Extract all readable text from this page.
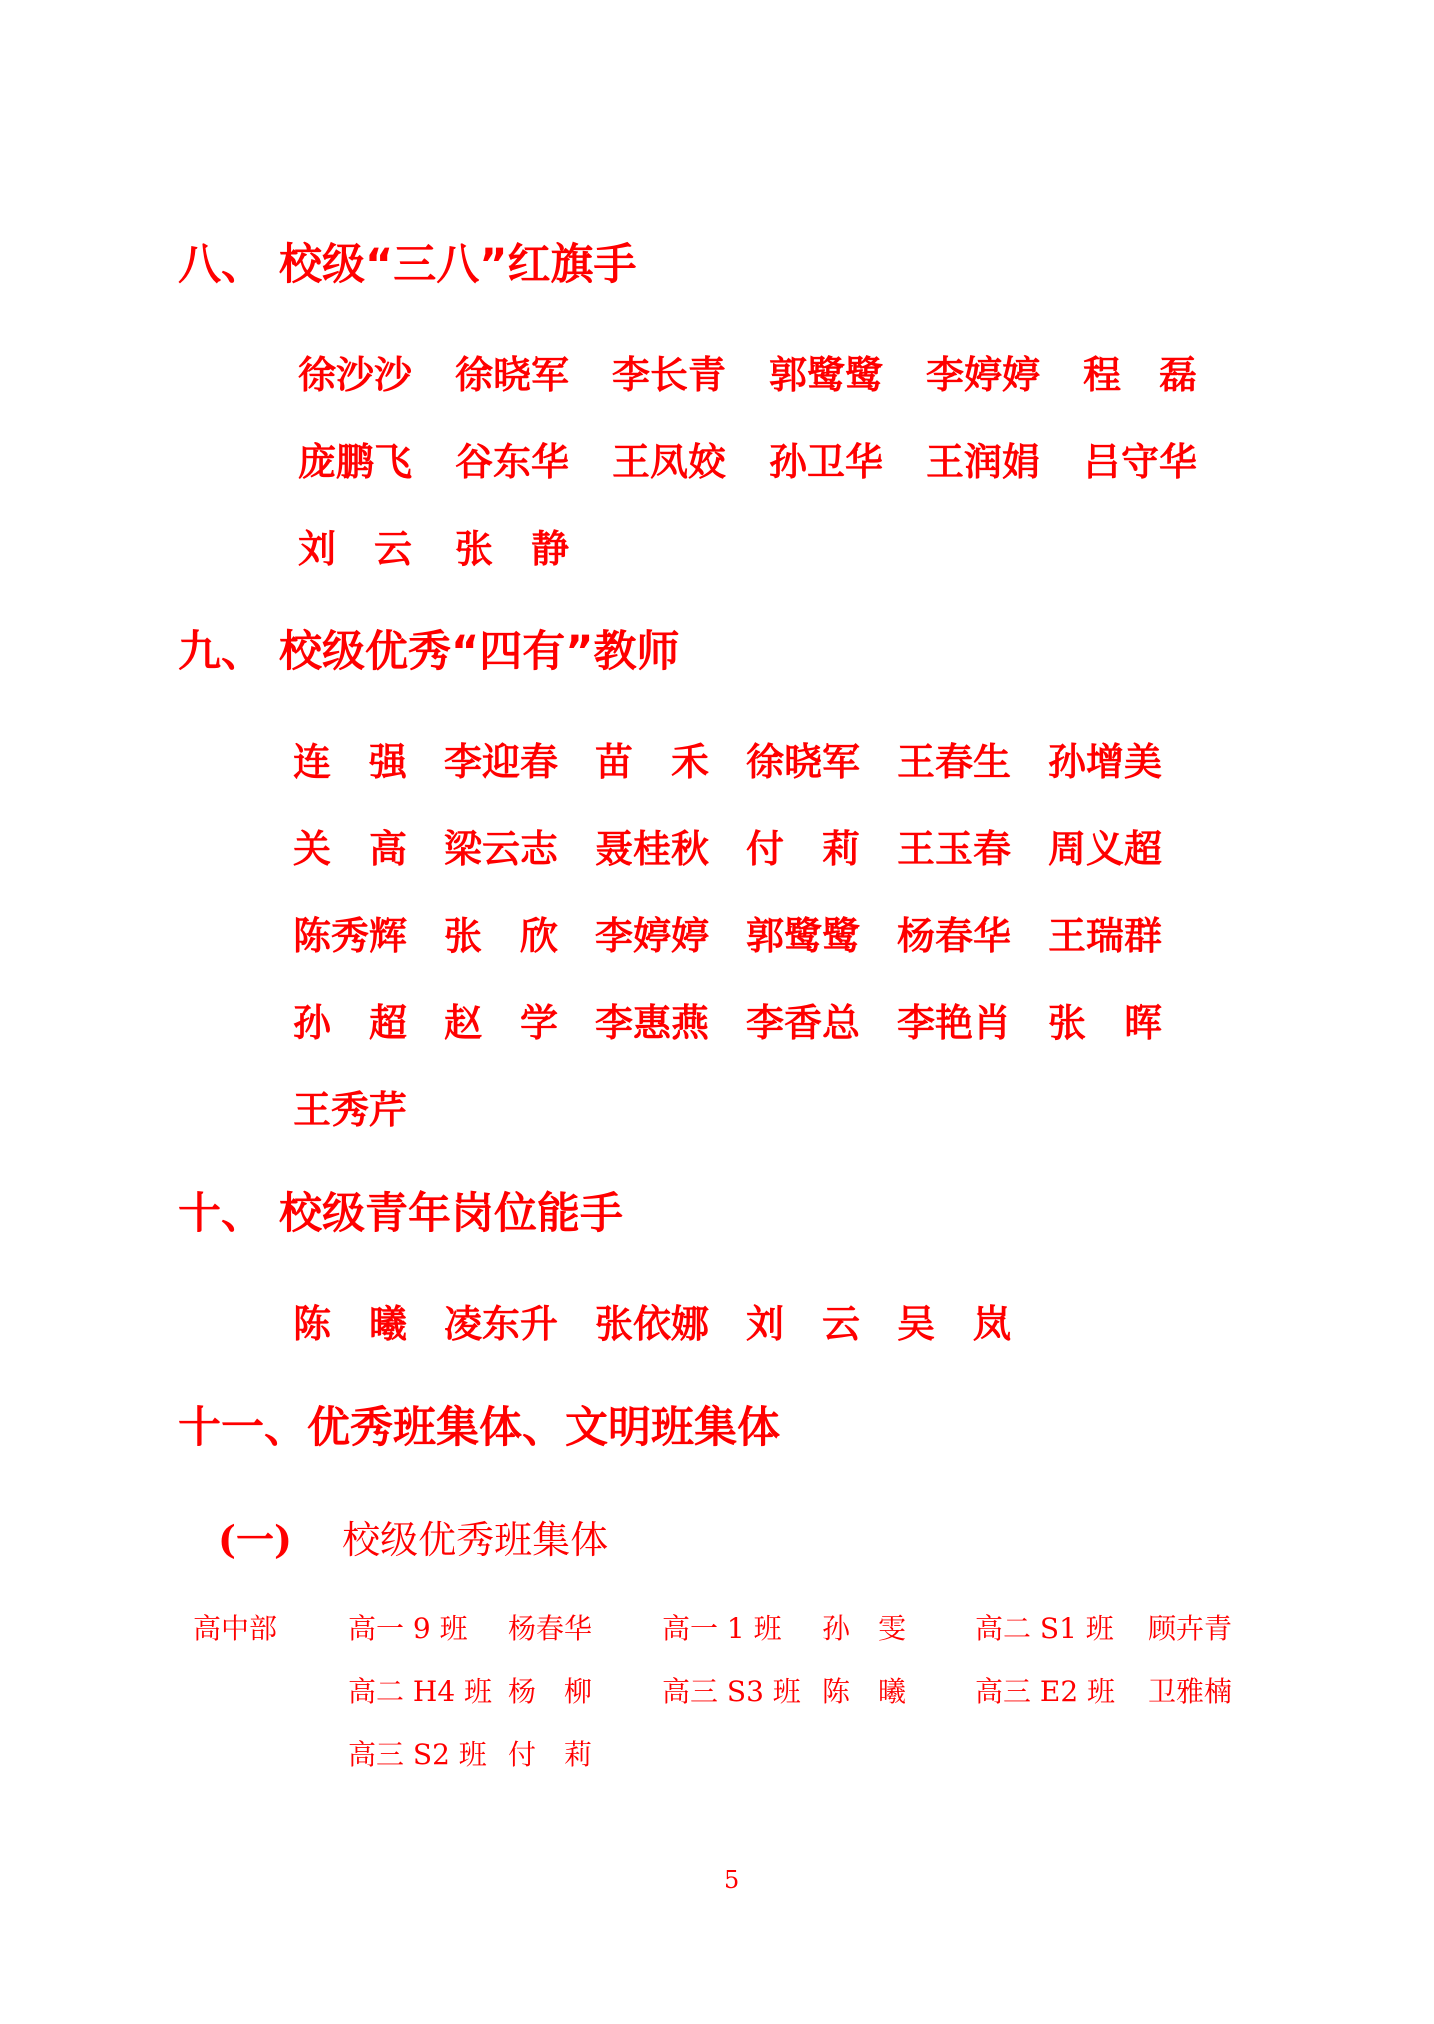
八、 校级“三八”红旗手
徐沙沙 徐晓军 李长青 郭鹭鹭 李婷婷 程　磊
庞鹏飞 谷东华 王凤姣 孙卫华 王润娟 吕守华
刘　云 张　静
九、 校级优秀“四有”教师
连　强 李迎春 苗　禾 徐晓军 王春生 孙增美
关　高 梁云志 聂桂秋 付　莉 王玉春 周义超
陈秀辉 张　欣 李婷婷 郭鹭鹭 杨春华 王瑞群
孙　超 赵　学 李惠燕 李香总 李艳肖 张　晖
王秀芹
十、 校级青年岗位能手
陈　曦 凌东升 张依娜 刘　云 吴　岚
十一、优秀班集体、文明班集体
(一) 校级优秀班集体
高中部	高一 9 班 杨春华 高一 1 班 孙　雯 高二 S1 班 顾卉青
高二 H4 班 杨　柳 高三 S3 班 陈　曦 高三 E2 班 卫雅楠
高三 S2 班 付　莉
5
